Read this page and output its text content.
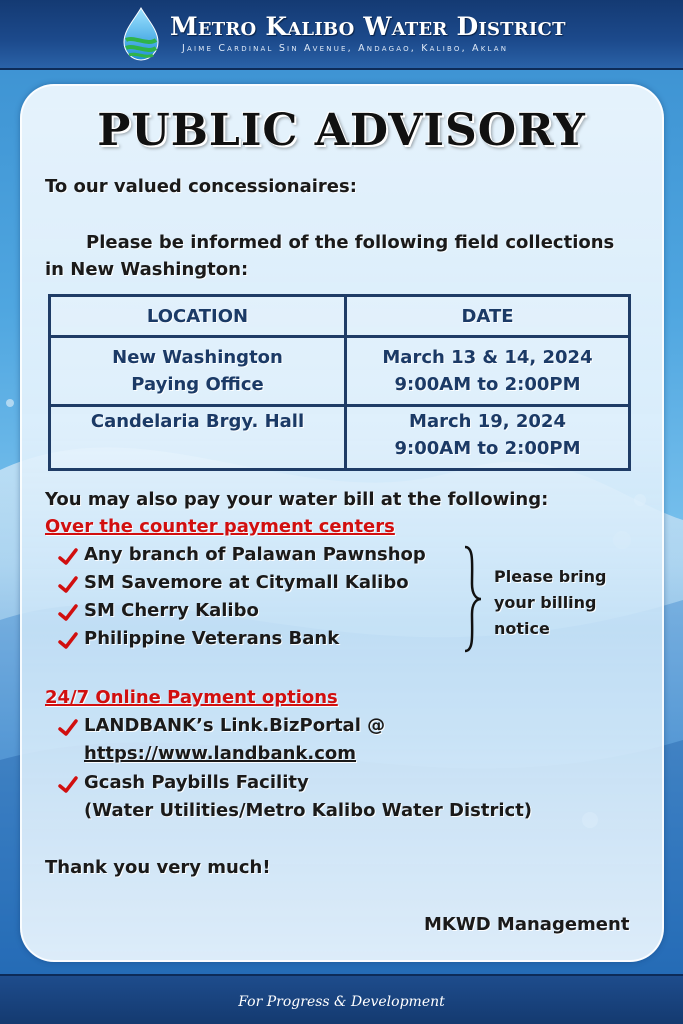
Metro Kalibo Water District
Jaime Cardinal Sin Avenue, Andagao, Kalibo, Aklan
PUBLIC ADVISORY
To our valued concessionaires:
Please be informed of the following field collections
in New Washington:
LOCATION	DATE
New Washington
Paying Office
March 13 & 14, 2024
9:00AM to 2:00PM
Candelaria Brgy. Hall	March 19, 2024
9:00AM to 2:00PM
You may also pay your water bill at the following:
Over the counter payment centers
Any branch of Palawan Pawnshop
SM Savemore at Citymall Kalibo
SM Cherry Kalibo
Philippine Veterans Bank
Please bring
your billing
notice
24/7 Online Payment options
LANDBANK’s Link.BizPortal @
https://www.landbank.com
Gcash Paybills Facility
(Water Utilities/Metro Kalibo Water District)
Thank you very much!
MKWD Management
For Progress & Development
